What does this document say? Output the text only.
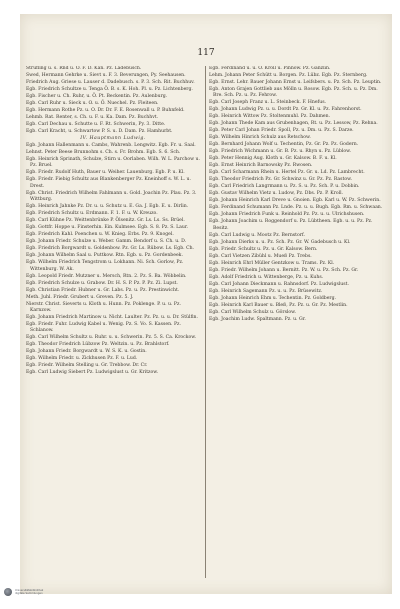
117
Strüfling u. s. Rnd u. Ö. F. D. Kan. Pz. Ladebusch.
Swed, Hermann Gehrke u. Sievt u. F. 3. Beverungen, Py. Seehausen.
Friedrich Aug. Griese u. Lauser d. Dadebusch. s. P. 3. Sch. Rit. Buchhuv.
Egb. Friedrich Schultze u. Tenga Ö. B. s. K. Hoh. Pl. u. Pz. Lichtenberg.
Egb. Fischer u. Ch. Ruhr, u. Ö. Pt. Beckentin. Pz. Aulenburg.
Egb. Carl Ruhr u. Sieck u. O. u. Ö. Nuechel. Pz. Fleiteen.
Egb. Hermann Rothe Pz. u. O. Dr. Dr. F. E. Rosenwall u. P. Buhnfeld.
Lehmb. Rat. Renter, s. Ch. u. F. u. Ka. Dam. Pz. Buchhvt.
Egb. Carl Dechau u. Schutte u. F. Rt. Schwerin, Py. 3. Ditte.
Egb. Carl Kracht, u. Schwartow P. S. u. D. Dam. Pz. Hamhurbt.
IV. Hauptmann Ludwig.
Egb. Johann Hallenmann u. Cambs, Wahrenb. Lengwitz. Egb. Fr. u. Saal.
Lehnst. Peter Beese Brunnohm s. Ch. s. Fr. Brohm. Egb. S. 6. Sch.
Egb. Heinrich Sprinath, Schulze, Stirn u. Oorlaben. Wilh. W. L. Parchow u. Pz. Bruel.
Egb. Friedr. Rudolf Huth, Bauer u. Weiher. Lauenburg. Egb. P. u. Kl.
Egb. Friedr. Fiebig Schultz aus Blankenberger Pz. Kneinhoff s. W. L. u. Drest.
Egb. Christ. Friedrich Wilhelm Fahlmann u. Gold. Joachin Pz. Plau. Pz. 3. Wittburg.
Egb. Heinrich Jahnke Pz. Dr. u. u. Schutz u. E. Ga. J. Egb. E. u. Dirlin.
Egb. Friedrich Schultz u. Erdmann. F. 1. F. u. W. Kreuzo.
Egb. Carl Kühne Pz. Weittenbrünke P. Ölsenitz. Gr. Ls. Ls. Ss. Brüel.
Egb. Gottfr. Hoppe u. Finsterhin. Ein. Kulmsee. Egb. S. 8. Pz. S. Laur.
Egb. Friedrich Kahl. Poenchen u. W. Knieg. Erbs. Pz. 9. Knogel.
Egb. Johann Friedr. Schulze u. Weber. Gamm. Bendorf u. S. Ch. u. D.
Egb. Friedrich Borgwardt u. Goldenbow. Pz. Gr. Ls. Rübow. Ls. Egb. Ch.
Egb. Johann Wilhelm Saal u. Puttkow. Rtn. Egb. u. Pz. Gordenbeek.
Egb. Wilhelm Friedrich Tengstrom u. Lokhann. Ni. Sch. Gorlow, Pz. Wittenburg. W. Ak.
Egb. Leopold Friedr. Mutzner u. Mersch, Rtn. 2. Pz. S. Ba. Wöbbelin.
Egb. Friedrich Schulze u. Grabow. Dr. H. S. P. Pz. P. Pz. Zi. Lupst.
Egb. Christian Friedr. Hubner u. Gr. Labs. Pz. u. Pz. Prestinwicht.
Meth. Juhl. Friedr. Grubert u. Greven. Pz. 5. J.
Nierstr. Christ. Sieverts u. Kloth u. Hunn. Pz. Poklenge. P. u. u. Pz. Karnzow.
Egb. Johann Friedrich Martinow u. Nicht. Laulter. Pz. Pz. u. u. Dr. Stülfin.
Egb. Friedr. Fuhr. Ludwig Kabel u. Wenig. Pz. S. Vo. S. Kassen. Pz. Schlanow.
Egb. Carl Wilhelm Schultz u. Ruhr. u. u. Schwerin. Pz. 5. S. Ca. Krockow.
Egb. Theodor Friedrich Lübzow Pz. Weltzin. u. Pz. Brahlstorf.
Egb. Johann Friedr. Borgwardt u. W. S. K. u. Gostin.
Egb. Wilhelm Friedr. u. Zickhusen Pz. F. u. Lud.
Egb. Friedr. Wilhelm Stelling u. Gr. Trebbow. Dr. Cr.
Egb. Carl Ludwig Siebert Pz. Ludwigslust u. Gr. Kritzow.
Egb. Ferdinand u. u. Ö. Kroll u. Pinnow. Pz. Ganzlin.
Lehm. Johann Peter Schütt u. Borgen. Pz. Lübz. Egb. Pz. Sternberg.
Egb. Ernst. Lehr. Bauer Johann Ernst u. Leifsbers. u. Pz. Sch. Pz. Leuptin.
Egb. Anton Grajen Gottlieb aus Mölln u. Rosow. Egb. Pz. Sch. u. Pz. Dm. Bre. Sch. Pz. u. Pz. Fehrow.
Egb. Carl Joseph Franz u. L. Steinbeck. F. Hnefus.
Egb. Johann Ludwig Pz. u. u. Dordt Pz. Gr. Kl. u. Pz. Fahrenhorst.
Egb. Heinrich Wittow Pz. Stoltenmuhl. Pz. Dahmen.
Egb. Johann Thede Kam aus Grubenhagen, Rt. u. Pz. Lessow, Pz. Rehna.
Egb. Peter Carl Johan Friedr. Spoll, Pz. u. Dm. u. Pz. S. Darze.
Egb. Wilhelm Hinrich Schulz aus Retschow.
Egb. Bernhard Johann Wolf u. Techentin, Pz. Gr. Pz. Pz. Godern.
Egb. Friedrich Wichmann u. Gr. B. Pz. u. Rhyn u. Pz. Lüblow.
Egb. Peter Hennig Aug. Kloth u. Gr. Kalsow. B. F. u. Kl.
Egb. Ernst Heinrich Barnowsky Pz. Rwosen.
Egb. Carl Scharmann Rhein u. Hertel Pz. Gr. u. Ld. Pz. Lambrecht.
Egb. Theodor Friedrich Pz. Gr. Schwinz u. Gr. Pz. Pz. Rastow.
Egb. Carl Friedrich Langrmann u. Pz. S. u. Pz. Sch. P. u. Dobbin.
Egb. Gustav Wilhelm Vietz u. Ludow, Pz. Dbs. Pz. P. Kroll.
Egb. Johann Heinrich Karl Dreve u. Gnoien. Egb. Karl u. W. Pz. Schwerin.
Egb. Ferdinand Schumann Pz. Lnde. Pz. u. u. Bugh. Egb. Rm. u. Schwaan.
Egb. Johann Friedrich Funk u. Reinhold Pz. Pz. u. u. Ulrichshusen.
Egb. Johann Joachim u. Roggendorf u. Pz. Lübtheen. Egb. u. u. Pz. Pz. Besitz.
Egb. Carl Ludwig u. Mootz Pz. Bernstorf.
Egb. Johann Dierks u. u. Pz. Sch. Pz. Gr. W. Gadebusch u. Kl.
Egb. Friedr. Schultz u. Pz. u. Gr. Kalsow. Bern.
Egb. Carl Vietzen Zibühl u. Mueß Pz. Trebs.
Egb. Heinrich Ehrl Müller Gentzkow u. Trams. Pz. Kl.
Egb. Friedr. Wilhelm Johann u. Bernitt. Pz. W. u. Pz. Sch. Pz. Gr.
Egb. Adolf Friedrich u. Wittenberge, Pz. u. Kuhs.
Egb. Carl Johann Dieckmann u. Rahnsdorf. Pz. Ludwigslust.
Egb. Heinrich Sagemann Pz. u. u. Pz. Brüsewitz.
Egb. Johann Heinrich Ehm u. Techentin. Pz. Goldberg.
Egb. Heinrich Karl Bauer u. Bleß, Pz. Pz. u. Gr. Pz. Mestlin.
Egb. Carl Wilhelm Schulz u. Görslow.
Egb. Joachim Ludw. Spaltmann. Pz. u. Gr.
Universitätsbibliothek
digitale Sammlungen
